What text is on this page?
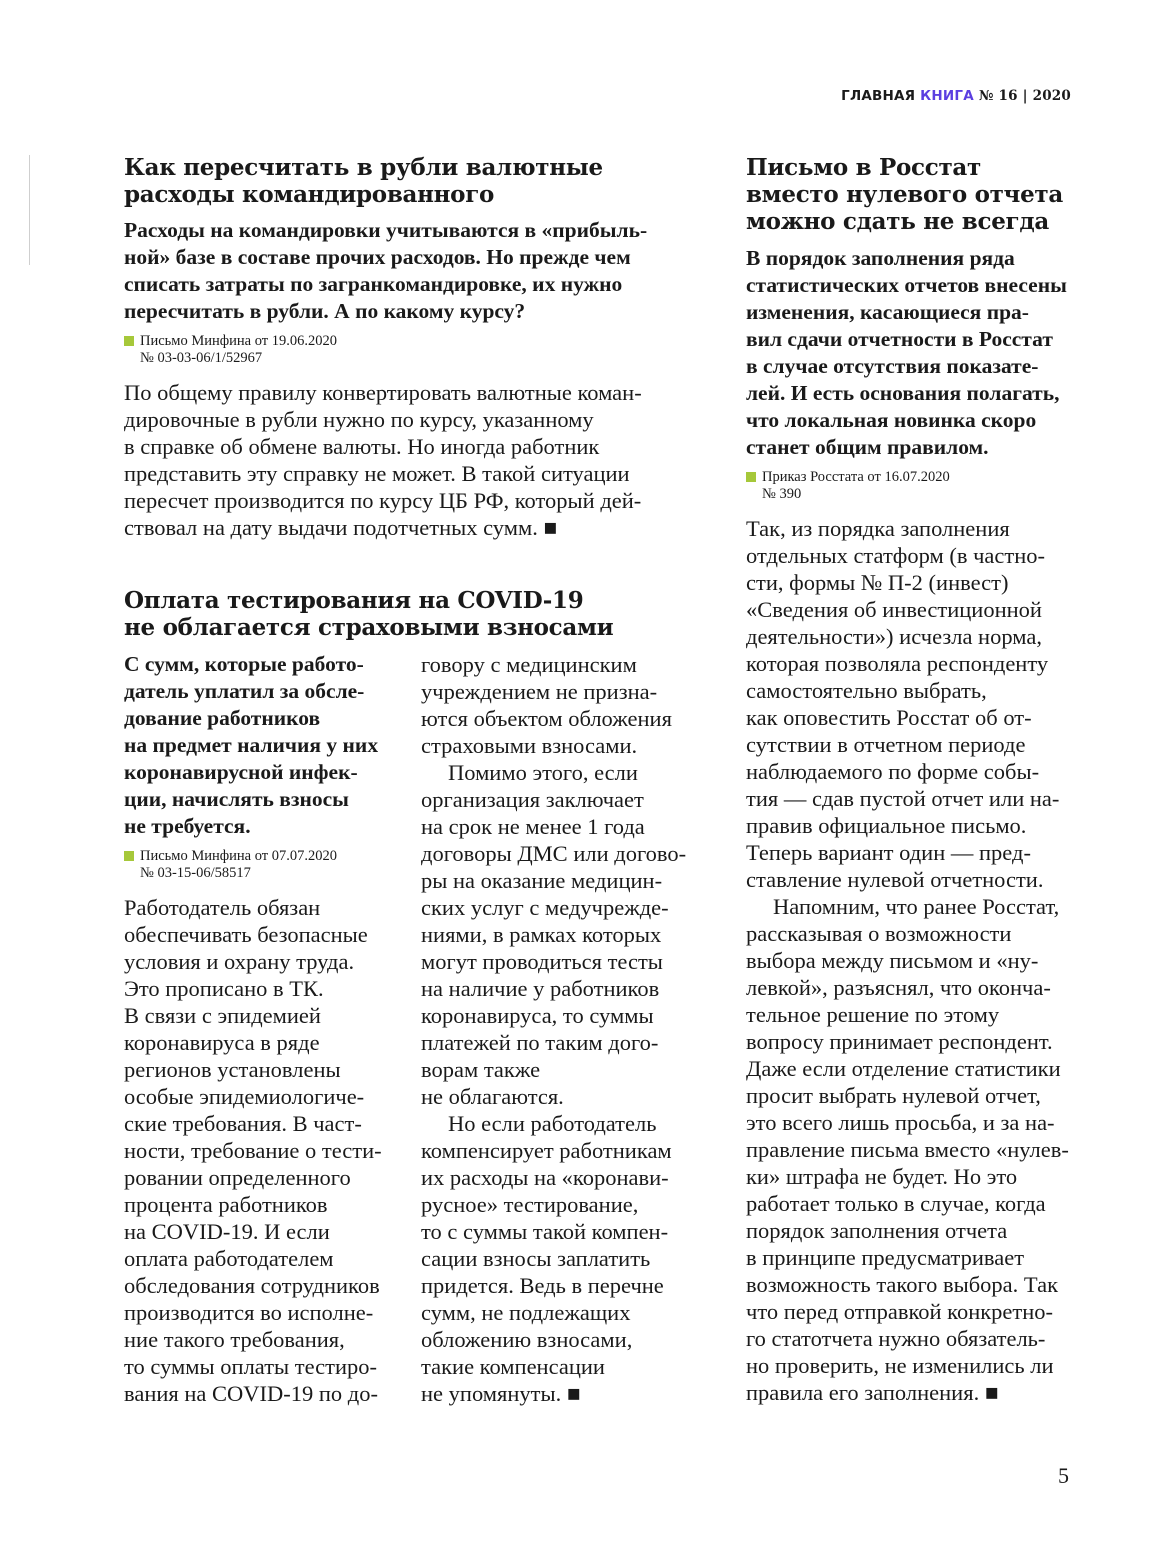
ГЛАВНАЯ КНИГА № 16 | 2020
Как пересчитать в рубли валютные
расходы командированного
Расходы на командировки учитываются в «прибыль-
ной» базе в составе прочих расходов. Но прежде чем
списать затраты по загранкомандировке, их нужно
пересчитать в рубли. А по какому курсу?
Письмо Минфина от 19.06.2020
№ 03-03-06/1/52967

По общему правилу конвертировать валютные коман-
дировочные в рубли нужно по курсу, указанному
в справке об обмене валюты. Но иногда работник
представить эту справку не может. В такой ситуации
пересчет производится по курсу ЦБ РФ, который дей-
ствовал на дату выдачи подотчетных сумм. ■

Оплата тестирования на COVID-19
не облагается страховыми взносами
С сумм, которые работо-
датель уплатил за обсле-
дование работников
на предмет наличия у них
коронавирусной инфек-
ции, начислять взносы
не требуется.
Письмо Минфина от 07.07.2020
№ 03-15-06/58517

Работодатель обязан
обеспечивать безопасные
условия и охрану труда.
Это прописано в ТК.
В связи с эпидемией
коронавируса в ряде
регионов установлены
особые эпидемиологиче-
ские требования. В част-
ности, требование о тести-
ровании определенного
процента работников
на COVID-19. И если
оплата работодателем
обследования сотрудников
производится во исполне-
ние такого требования,
то суммы оплаты тестиро-
вания на COVID-19 по до-

говору с медицинским
учреждением не призна-
ются объектом обложения
страховыми взносами.

Помимо этого, если
организация заключает
на срок не менее 1 года
договоры ДМС или догово-
ры на оказание медицин-
ских услуг с медучрежде-
ниями, в рамках которых
могут проводиться тесты
на наличие у работников
коронавируса, то суммы
платежей по таким дого-
ворам также
не облагаются.

Но если работодатель
компенсирует работникам
их расходы на «коронави-
русное» тестирование,
то с суммы такой компен-
сации взносы заплатить
придется. Ведь в перечне
сумм, не подлежащих
обложению взносами,
такие компенсации
не упомянуты. ■

Письмо в Росстат
вместо нулевого отчета
можно сдать не всегда
В порядок заполнения ряда
статистических отчетов внесены
изменения, касающиеся пра-
вил сдачи отчетности в Росстат
в случае отсутствия показате-
лей. И есть основания полагать,
что локальная новинка скоро
станет общим правилом.
Приказ Росстата от 16.07.2020
№ 390

Так, из порядка заполнения
отдельных статформ (в частно-
сти, формы № П-2 (инвест)
«Сведения об инвестиционной
деятельности») исчезла норма,
которая позволяла респонденту
самостоятельно выбрать,
как оповестить Росстат об от-
сутствии в отчетном периоде
наблюдаемого по форме собы-
тия — сдав пустой отчет или на-
правив официальное письмо.
Теперь вариант один — пред-
ставление нулевой отчетности.

Напомним, что ранее Росстат,
рассказывая о возможности
выбора между письмом и «ну-
левкой», разъяснял, что оконча-
тельное решение по этому
вопросу принимает респондент.
Даже если отделение статистики
просит выбрать нулевой отчет,
это всего лишь просьба, и за на-
правление письма вместо «нулев-
ки» штрафа не будет. Но это
работает только в случае, когда
порядок заполнения отчета
в принципе предусматривает
возможность такого выбора. Так
что перед отправкой конкретно-
го статотчета нужно обязатель-
но проверить, не изменились ли
правила его заполнения. ■

5
